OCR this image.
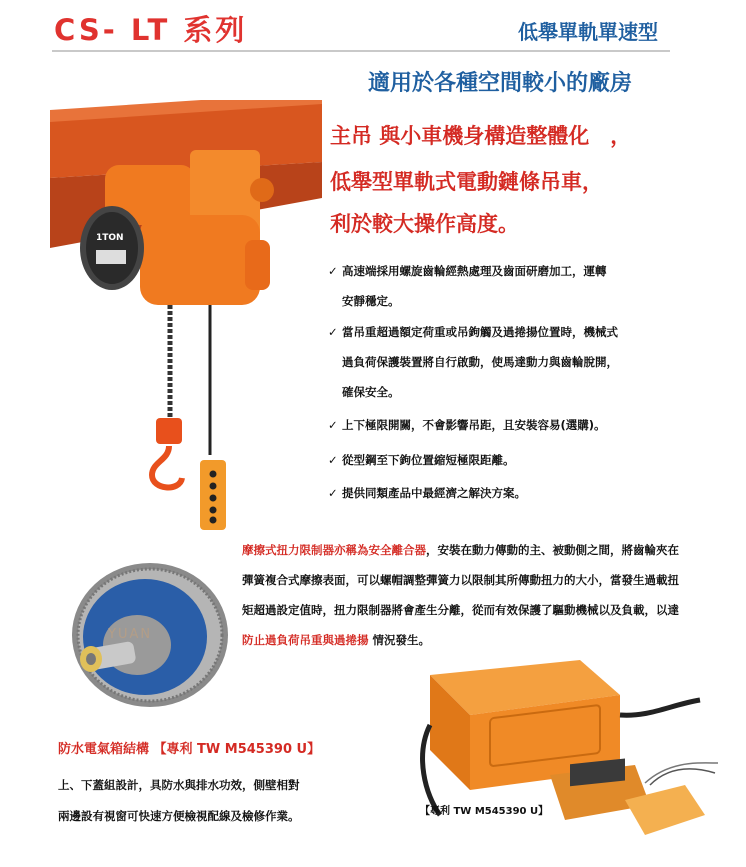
CS- LT 系列	低舉單軌單速型
適用於各種空間較小的廠房
1TON
主吊 與小車機身構造整體化　，
低舉型單軌式電動鏈條吊車，
利於較大操作高度。
✓ 高速端採用螺旋齒輪經熱處理及齒面研磨加工，運轉
安靜穩定。
✓ 當吊重超過額定荷重或吊鉤觸及過捲揚位置時，機械式
過負荷保護裝置將自行啟動，使馬達動力與齒輪脫開，
確保安全。
✓ 上下極限開關，不會影響吊距，且安裝容易(選購)。
✓ 從型鋼至下鉤位置縮短極限距離。
✓ 提供同類產品中最經濟之解決方案。
YUAN
摩擦式扭力限制器亦稱為安全離合器，安裝在動力傳動的主、被動側之間，將齒輪夾在彈簧複合式摩擦表面，可以螺帽調整彈簧力以限制其所傳動扭力的大小，當發生過載扭矩超過設定值時，扭力限制器將會產生分離，從而有效保護了驅動機械以及負載，以達防止過負荷吊重與過捲揚 情況發生。
防水電氣箱結構 【專利 TW M545390 U】
上、下蓋組設計，具防水與排水功效，側壁相對
兩邊設有視窗可快速方便檢視配線及檢修作業。	【專利 TW M545390 U】
